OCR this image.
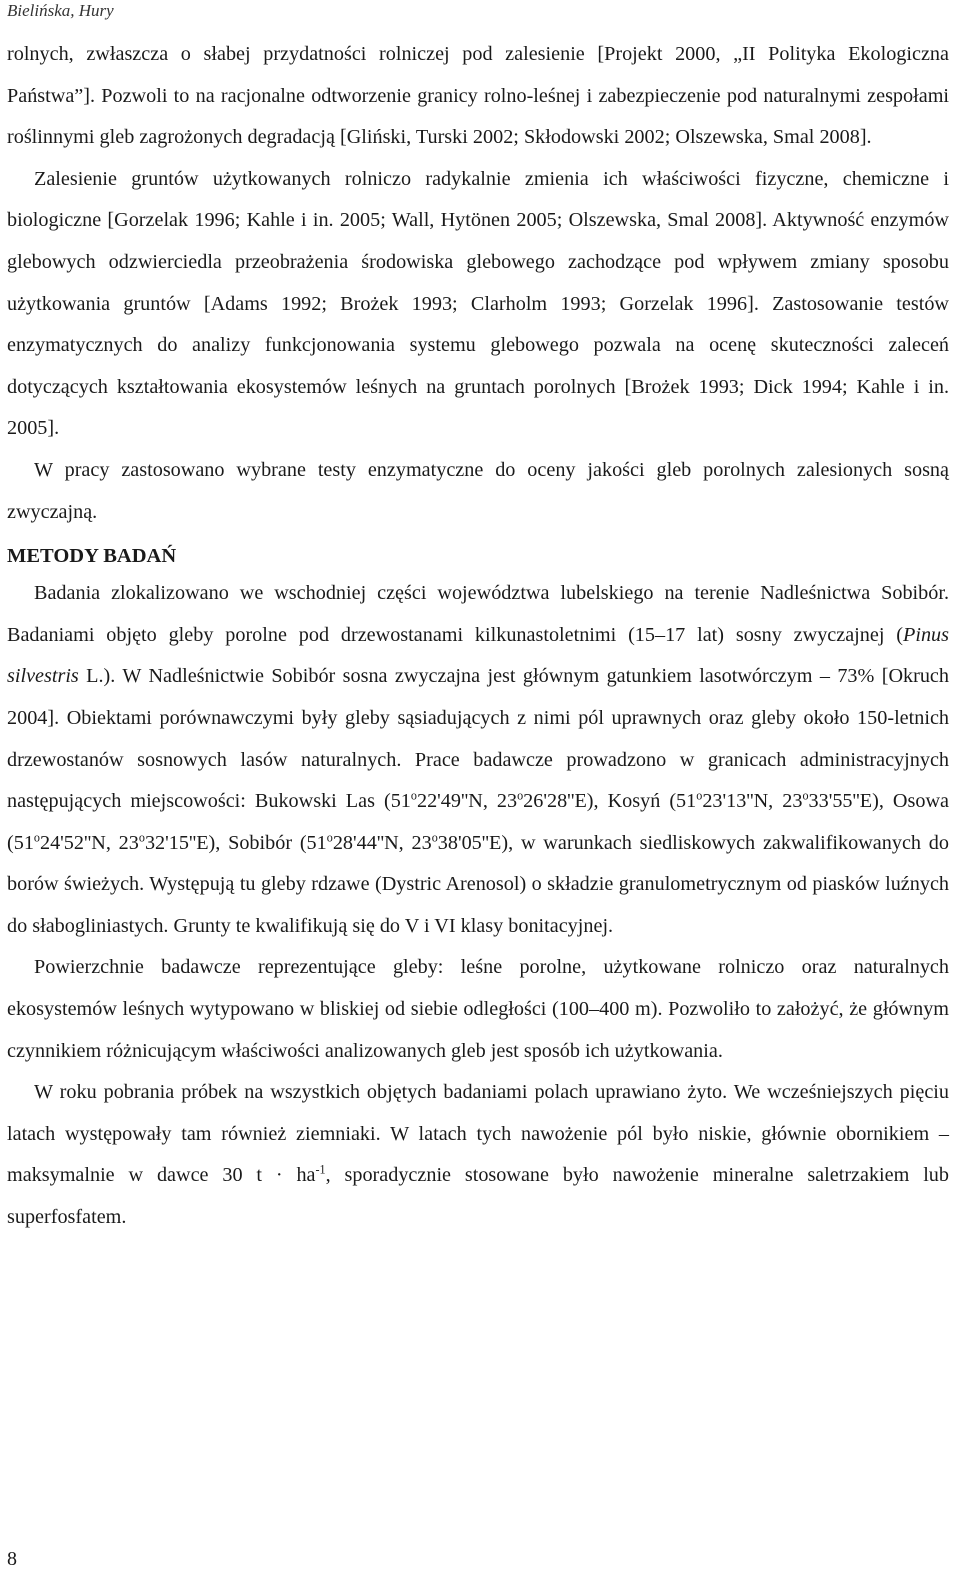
Bielińska, Hury

rolnych, zwłaszcza o słabej przydatności rolniczej pod zalesienie [Projekt 2000, „II Polityka Ekologiczna Państwa”]. Pozwoli to na racjonalne odtworzenie granicy rolno-leśnej i zabezpieczenie pod naturalnymi zespołami roślinnymi gleb zagrożonych degradacją [Gliński, Turski 2002; Skłodowski 2002; Olszewska, Smal 2008].

Zalesienie gruntów użytkowanych rolniczo radykalnie zmienia ich właściwości fizyczne, chemiczne i biologiczne [Gorzelak 1996; Kahle i in. 2005; Wall, Hytönen 2005; Olszewska, Smal 2008]. Aktywność enzymów glebowych odzwierciedla przeobrażenia środowiska glebowego zachodzące pod wpływem zmiany sposobu użytkowania gruntów [Adams 1992; Brożek 1993; Clarholm 1993; Gorzelak 1996]. Zastosowanie testów enzymatycznych do analizy funkcjonowania systemu glebowego pozwala na ocenę skuteczności zaleceń dotyczących kształtowania ekosystemów leśnych na gruntach porolnych [Brożek 1993; Dick 1994; Kahle i in. 2005].

W pracy zastosowano wybrane testy enzymatyczne do oceny jakości gleb porolnych zalesionych sosną zwyczajną.

METODY BADAŃ

Badania zlokalizowano we wschodniej części województwa lubelskiego na terenie Nadleśnictwa Sobibór. Badaniami objęto gleby porolne pod drzewostanami kilkunastoletnimi (15–17 lat) sosny zwyczajnej (Pinus silvestris L.). W Nadleśnictwie Sobibór sosna zwyczajna jest głównym gatunkiem lasotwórczym – 73% [Okruch 2004]. Obiektami porównawczymi były gleby sąsiadujących z nimi pól uprawnych oraz gleby około 150-letnich drzewostanów sosnowych lasów naturalnych. Prace badawcze prowadzono w granicach administracyjnych następujących miejscowości: Bukowski Las (51$^o$22'49''N, 23$^o$26'28''E), Kosyń (51$^o$23'13''N, 23$^o$33'55''E), Osowa (51$^o$24'52''N, 23$^o$32'15''E), Sobibór (51$^o$28'44''N, 23$^o$38'05''E), w warunkach siedliskowych zakwalifikowanych do borów świeżych. Występują tu gleby rdzawe (Dystric Arenosol) o składzie granulometrycznym od piasków luźnych do słabogliniastych. Grunty te kwalifikują się do V i VI klasy bonitacyjnej.

Powierzchnie badawcze reprezentujące gleby: leśne porolne, użytkowane rolniczo oraz naturalnych ekosystemów leśnych wytypowano w bliskiej od siebie odległości (100–400 m). Pozwoliło to założyć, że głównym czynnikiem różnicującym właściwości analizowanych gleb jest sposób ich użytkowania.

W roku pobrania próbek na wszystkich objętych badaniami polach uprawiano żyto. We wcześniejszych pięciu latach występowały tam również ziemniaki. W latach tych nawożenie pól było niskie, głównie obornikiem – maksymalnie w dawce 30 $t \cdot ha^{-1}$, sporadycznie stosowane było nawożenie mineralne saletrzakiem lub superfosfatem.

8
